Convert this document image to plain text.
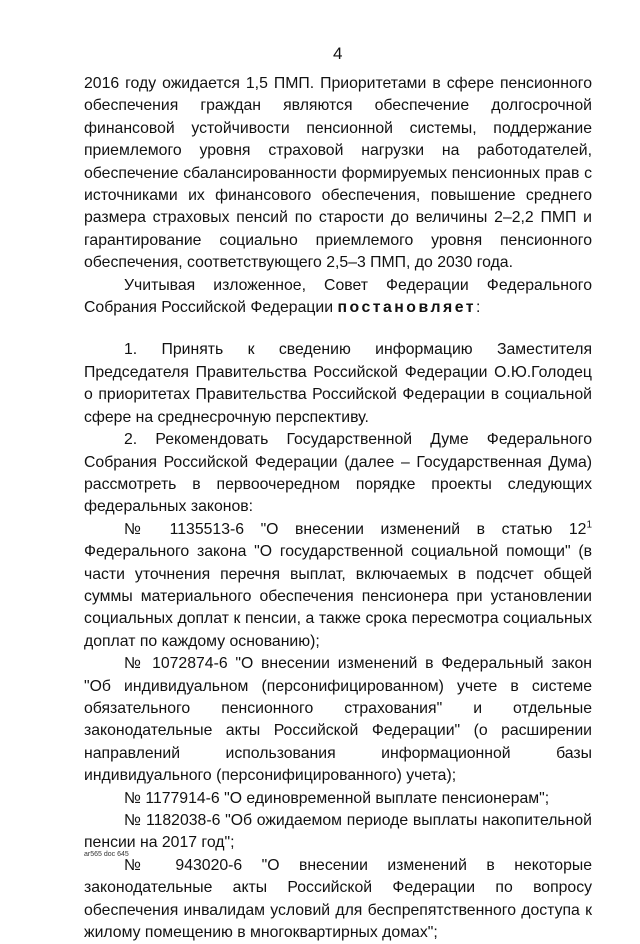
4

2016 году ожидается 1,5 ПМП. Приоритетами в сфере пенсионного обеспечения граждан являются обеспечение долгосрочной финансовой устойчивости пенсионной системы, поддержание приемлемого уровня страховой нагрузки на работодателей, обеспечение сбалансированности формируемых пенсионных прав с источниками их финансового обеспечения, повышение среднего размера страховых пенсий по старости до величины 2–2,2 ПМП и гарантирование социально приемлемого уровня пенсионного обеспечения, соответствующего 2,5–3 ПМП, до 2030 года.

Учитывая изложенное, Совет Федерации Федерального Собрания Российской Федерации постановляет:

1. Принять к сведению информацию Заместителя Председателя Правительства Российской Федерации О.Ю.Голодец о приоритетах Правительства Российской Федерации в социальной сфере на среднесрочную перспективу.

2. Рекомендовать Государственной Думе Федерального Собрания Российской Федерации (далее – Государственная Дума) рассмотреть в первоочередном порядке проекты следующих федеральных законов:

№ 1135513-6 "О внесении изменений в статью $12^1$ Федерального закона "О государственной социальной помощи" (в части уточнения перечня выплат, включаемых в подсчет общей суммы материального обеспечения пенсионера при установлении социальных доплат к пенсии, а также срока пересмотра социальных доплат по каждому основанию);

№ 1072874-6 "О внесении изменений в Федеральный закон "Об индивидуальном (персонифицированном) учете в системе обязательного пенсионного страхования" и отдельные законодательные акты Российской Федерации" (о расширении направлений использования информационной базы индивидуального (персонифицированного) учета);

№ 1177914-6 "О единовременной выплате пенсионерам";

№ 1182038-6 "Об ожидаемом периоде выплаты накопительной пенсии на 2017 год";

№ 943020-6 "О внесении изменений в некоторые законодательные акты Российской Федерации по вопросу обеспечения инвалидам условий для беспрепятственного доступа к жилому помещению в многоквартирных домах";

ar565 doc 645
